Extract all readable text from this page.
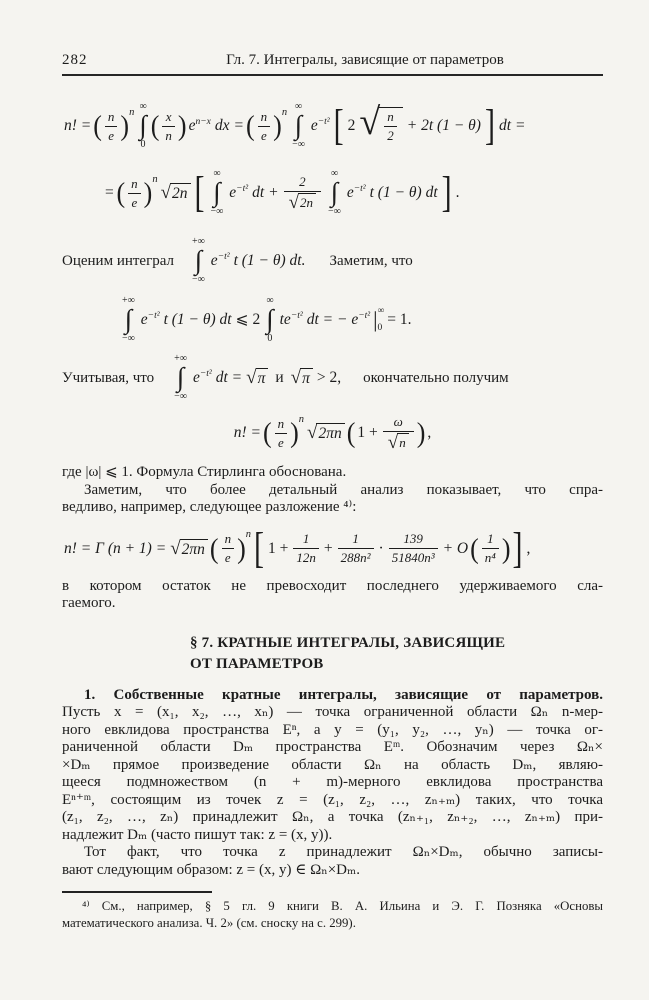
282	Гл. 7. Интегралы, зависящие от параметров
n! = ( $\frac{n}{e}$ ) n
∞
∫
0
( $\frac{x}{n}$ ) $e^{n-x}$ dx = ( $\frac{n}{e}$ ) n
∞
∫
−∞
$e^{-t^2}$ [ 2 √ $\frac{n}{2} + 2t$ (1 − θ) ] dt =
= ( $\frac{n}{e}$ ) n
√ 2n [ ∞
∫
−∞
$e^{-t^2}$ dt + $\frac{2}{√ 2n}$
∞
∫
−∞
$e^{-t^2}$ t (1 − θ) dt ] .
Оценим интеграл
+∞
∫
−∞
$e^{-t^2}$ t (1 − θ) dt. Заметим, что
+∞
∫
−∞
$e^{-t^2}$ t (1 − θ) dt ⩽ 2
∞
∫
0
$te^{-t^2}$ dt = − $e^{-t^2}$ | ∞
0 = 1.
Учитывая, что
+∞
∫
−∞
$e^{-t^2}$ dt = √ π и √ π > 2, окончательно получим
n! = ( $\frac{n}{e}$ ) n
√ 2πn ( $1 + \frac{\omega}{√ n}$ ) ,
где |ω| ⩽ 1. Формула Стирлинга обоснована.
Заметим, что более детальный анализ показывает, что спра-
ведливо, например, следующее разложение ⁴⁾:
n! = Γ (n + 1) = √ 2πn ( $\frac{n}{e}$ ) n [ $1 + \frac{1}{12n} + \frac{1}{\text{288n²}} \cdot \frac{139}{\text{51840n³}} + O$ ( $\frac{1}{\text{n⁴}}$ ) ] ,
в котором остаток не превосходит последнего удерживаемого сла-
гаемого.
§ 7. КРАТНЫЕ ИНТЕГРАЛЫ, ЗАВИСЯЩИЕ
ОТ ПАРАМЕТРОВ
1. Собственные кратные интегралы, зависящие от параметров.
Пусть x = (x₁, x₂, …, xₙ) — точка ограниченной области Ωₙ n-мер-
ного евклидова пространства Eⁿ, а y = (y₁, y₂, …, yₙ) — точка ог-
раниченной области Dₘ пространства Eᵐ. Обозначим через Ωₙ×
×Dₘ прямое произведение области Ωₙ на область Dₘ, являю-
щееся подмножеством (n + m)-мерного евклидова пространства
Eⁿ⁺ᵐ, состоящим из точек z = (z₁, z₂, …, zₙ₊ₘ) таких, что точка
(z₁, z₂, …, zₙ) принадлежит Ωₙ, а точка (zₙ₊₁, zₙ₊₂, …, zₙ₊ₘ) при-
надлежит Dₘ (часто пишут так: z = (x, y)).
Тот факт, что точка z принадлежит Ωₙ×Dₘ, обычно записы-
вают следующим образом: z = (x, y) ∈ Ωₙ×Dₘ.
⁴⁾ См., например, § 5 гл. 9 книги В. А. Ильина и Э. Г. Позняка «Основы
математического анализа. Ч. 2» (см. сноску на с. 299).
